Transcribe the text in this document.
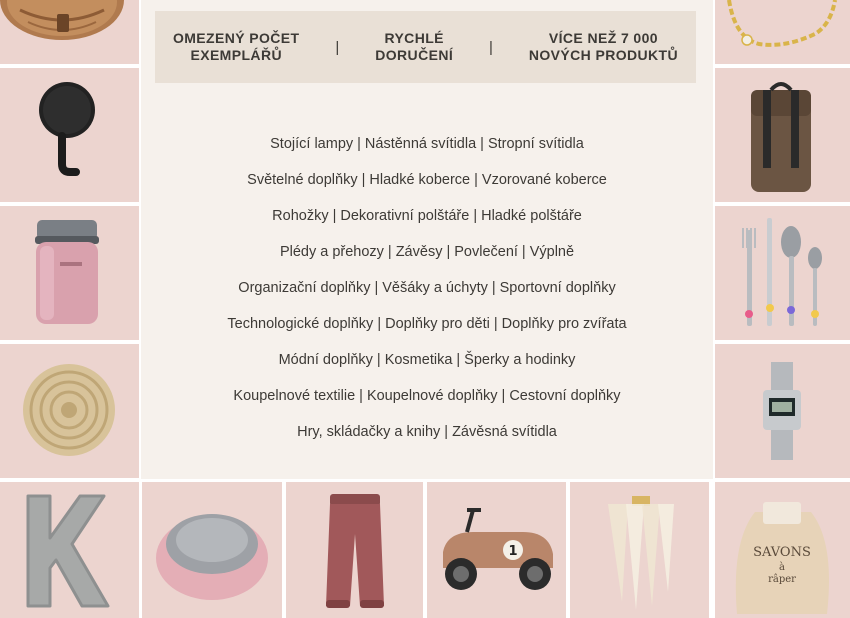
SAVONS
à
râper
1
OMEZENÝ POČET
EXEMPLÁŘŮ	|
RYCHLÉ
DORUČENÍ |
VÍCE NEŽ 7 000
NOVÝCH PRODUKTŮ
Stojící lampy | Nástěnná svítidla | Stropní svítidla
Světelné doplňky | Hladké koberce | Vzorované koberce
Rohožky | Dekorativní polštáře | Hladké polštáře
Plédy a přehozy | Závěsy | Povlečení | Výplně
Organizační doplňky | Věšáky a úchyty | Sportovní doplňky
Technologické doplňky | Doplňky pro děti | Doplňky pro zvířata
Módní doplňky | Kosmetika | Šperky a hodinky
Koupelnové textilie | Koupelnové doplňky | Cestovní doplňky
Hry, skládačky a knihy | Závěsná svítidla
